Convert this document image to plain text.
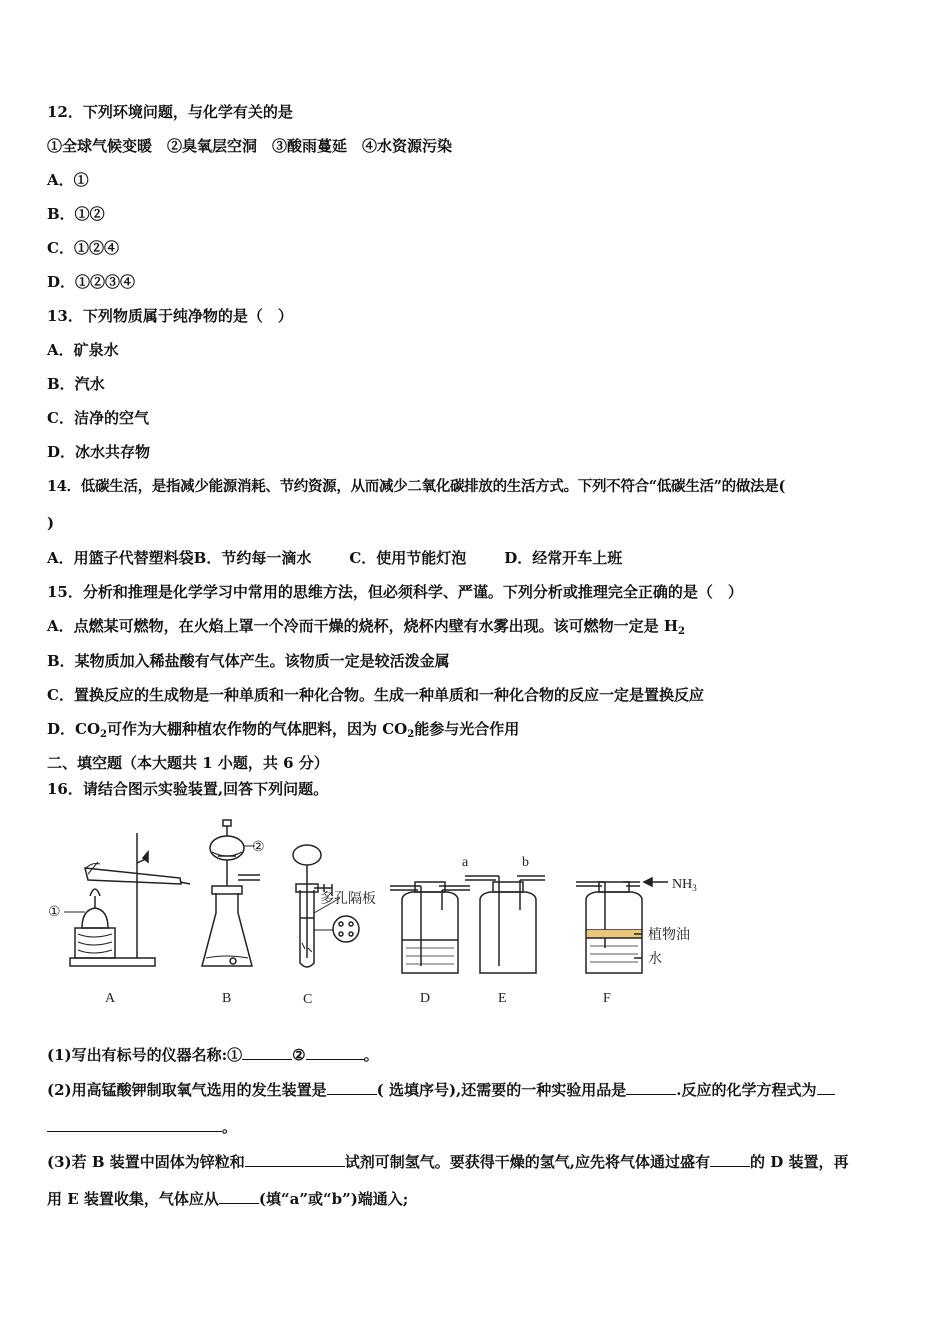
12．下列环境问题，与化学有关的是
①全球气候变暖　②臭氧层空洞　③酸雨蔓延　④水资源污染
A．①
B．①②
C．①②④
D．①②③④
13．下列物质属于纯净物的是（　）
A．矿泉水
B．汽水
C．洁净的空气
D．冰水共存物
14．低碳生活，是指减少能源消耗、节约资源，从而减少二氧化碳排放的生活方式。下列不符合“低碳生活”的做法是(
)
A．用篮子代替塑料袋B．节约每一滴水	C．使用节能灯泡	D．经常开车上班
15．分析和推理是化学学习中常用的思维方法，但必须科学、严谨。下列分析或推理完全正确的是（　）
A．点燃某可燃物，在火焰上罩一个冷而干燥的烧杯，烧杯内壁有水雾出现。该可燃物一定是 $H_2$
B．某物质加入稀盐酸有气体产生。该物质一定是较活泼金属
C．置换反应的生成物是一种单质和一种化合物。生成一种单质和一种化合物的反应一定是置换反应
D．$CO_2$可作为大棚种植农作物的气体肥料，因为 $CO_2$能参与光合作用
二、填空题（本大题共 1 小题，共 6 分）
16．请结合图示实验装置,回答下列问题。
①
②
多孔隔板
a	b
$NH_3$
植物油
水
A	B	C	D	E	F
(1)写出有标号的仪器名称:①	②	。
(2)用高锰酸钾制取氧气选用的发生装置是	( 选填序号),还需要的一种实验用品是	.反应的化学方程式为
。
(3)若 B 装置中固体为锌粒和	试剂可制氢气。要获得干燥的氢气,应先将气体通过盛有	的 D 装置，再
用 E 装置收集，气体应从	(填“a”或“b”)端通入;
